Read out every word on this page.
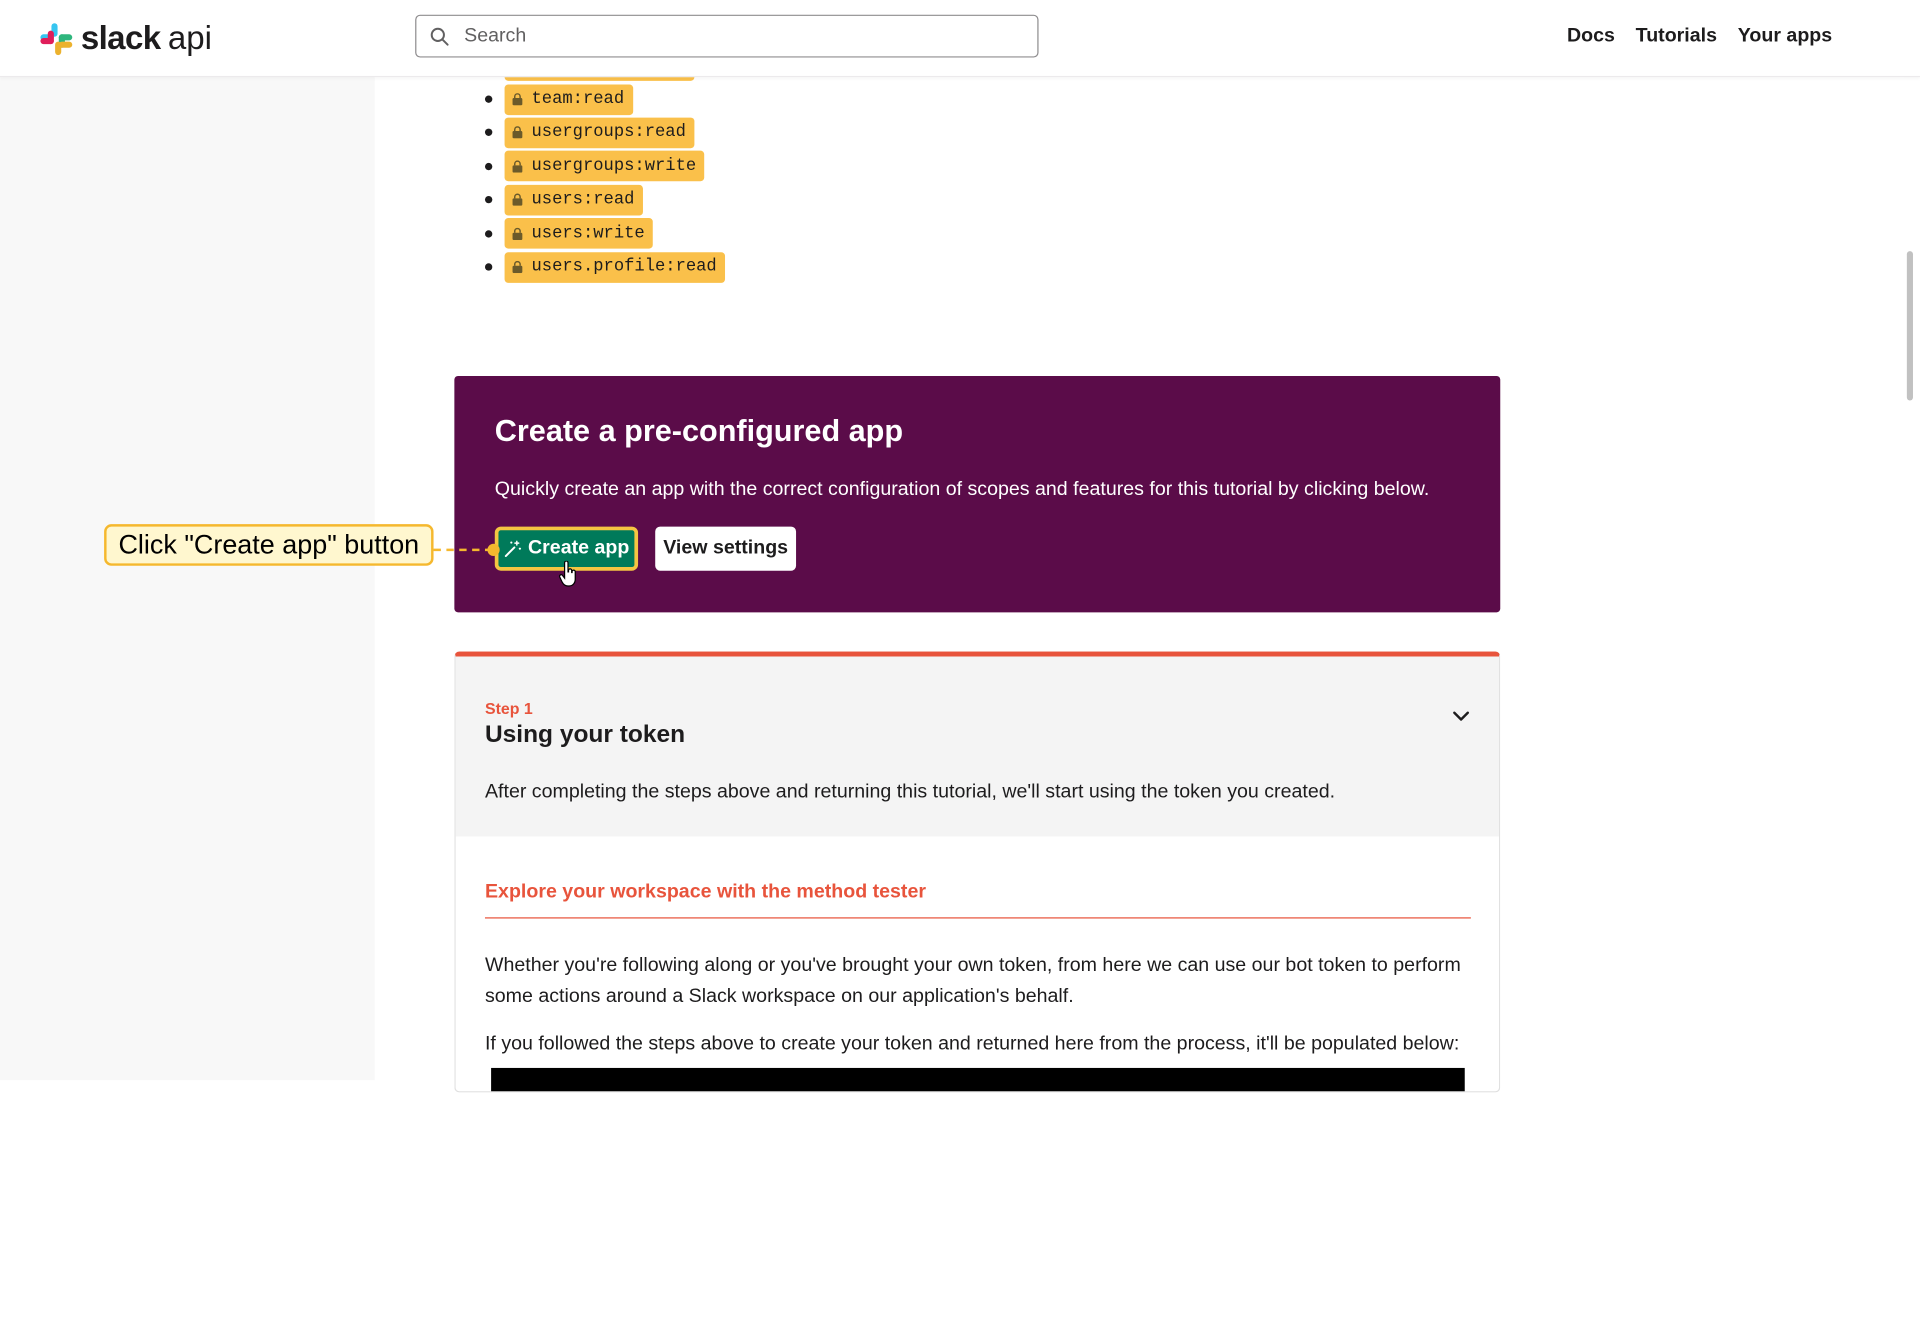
slack api
Search	Docs Tutorials Your apps
team:read
usergroups:read
usergroups:write
users:read
users:write
users.profile:read
Create a pre-configured app

Quickly create an app with the correct configuration of scopes and features for this tutorial by clicking below.

Create app	View settings
Click "Create app" button
Step 1
Using your token

After completing the steps above and returning this tutorial, we'll start using the token you created.

Explore your workspace with the method tester

Whether you're following along or you've brought your own token, from here we can use our bot token to perform some actions around a Slack workspace on our application's behalf.

If you followed the steps above to create your token and returned here from the process, it'll be populated below:
